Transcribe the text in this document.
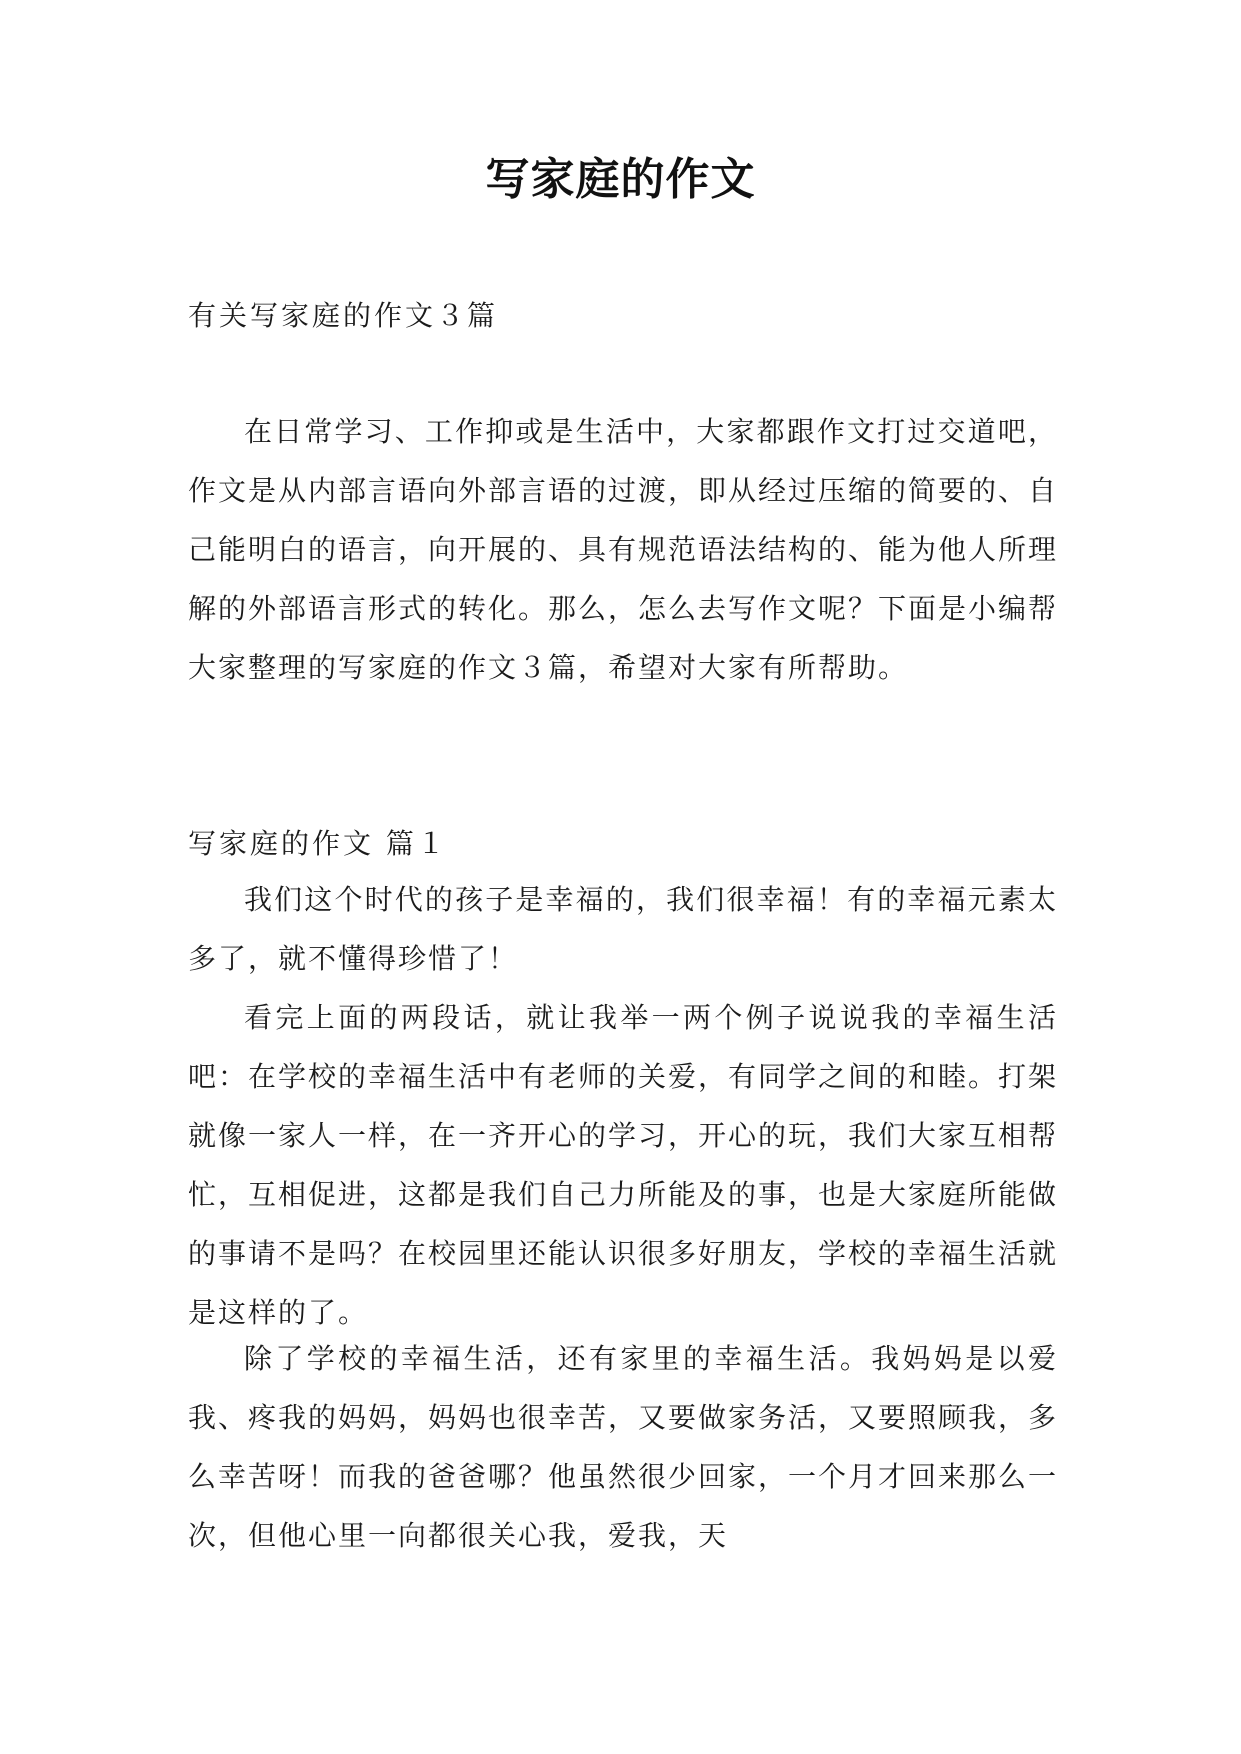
写家庭的作文
有关写家庭的作文３篇

在日常学习、工作抑或是生活中，大家都跟作文打过交道吧，作文是从内部言语向外部言语的过渡，即从经过压缩的简要的、自己能明白的语言，向开展的、具有规范语法结构的、能为他人所理解的外部语言形式的转化。那么，怎么去写作文呢？下面是小编帮大家整理的写家庭的作文３篇，希望对大家有所帮助。

写家庭的作文 篇１

我们这个时代的孩子是幸福的，我们很幸福！有的幸福元素太多了，就不懂得珍惜了！

看完上面的两段话，就让我举一两个例子说说我的幸福生活吧：在学校的幸福生活中有老师的关爱，有同学之间的和睦。打架就像一家人一样，在一齐开心的学习，开心的玩，我们大家互相帮忙，互相促进，这都是我们自己力所能及的事，也是大家庭所能做的事请不是吗？在校园里还能认识很多好朋友，学校的幸福生活就是这样的了。

除了学校的幸福生活，还有家里的幸福生活。我妈妈是以爱我、疼我的妈妈，妈妈也很幸苦，又要做家务活，又要照顾我，多么幸苦呀！而我的爸爸哪？他虽然很少回家，一个月才回来那么一次，但他心里一向都很关心我，爱我，天
